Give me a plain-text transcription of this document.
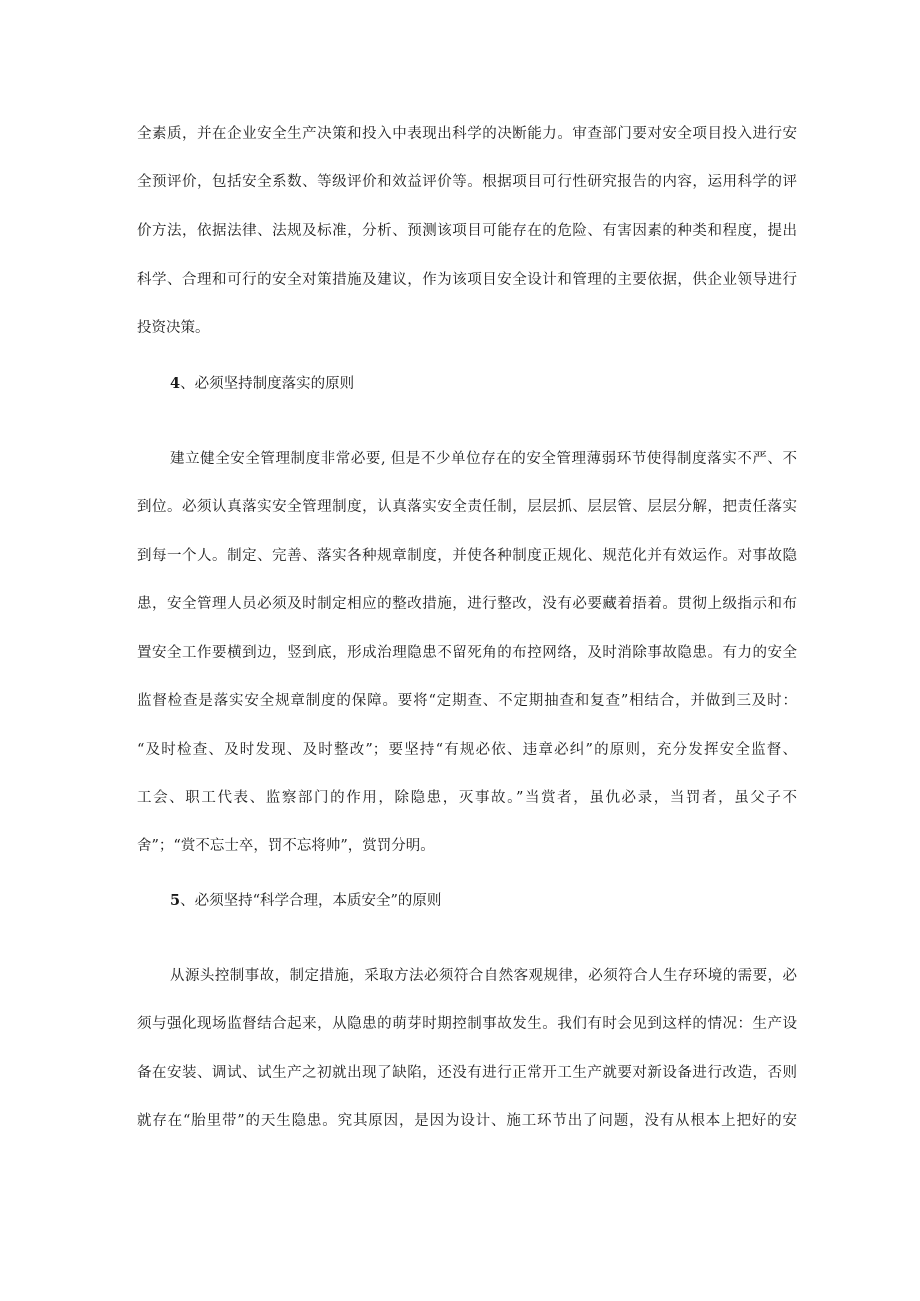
全素质，并在企业安全生产决策和投入中表现出科学的决断能力。审查部门要对安全项目投入进行安
全预评价，包括安全系数、等级评价和效益评价等。根据项目可行性研究报告的内容，运用科学的评
价方法，依据法律、法规及标准，分析、预测该项目可能存在的危险、有害因素的种类和程度，提出
科学、合理和可行的安全对策措施及建议，作为该项目安全设计和管理的主要依据，供企业领导进行
投资决策。
4、必须坚持制度落实的原则
建立健全安全管理制度非常必要, 但是不少单位存在的安全管理薄弱环节使得制度落实不严、不
到位。必须认真落实安全管理制度，认真落实安全责任制，层层抓、层层管、层层分解，把责任落实
到每一个人。制定、完善、落实各种规章制度，并使各种制度正规化、规范化并有效运作。对事故隐
患，安全管理人员必须及时制定相应的整改措施，进行整改，没有必要藏着捂着。贯彻上级指示和布
置安全工作要横到边，竖到底，形成治理隐患不留死角的布控网络，及时消除事故隐患。有力的安全
监督检查是落实安全规章制度的保障。要将“定期查、不定期抽查和复查”相结合，并做到三及时：
“及时检查、及时发现、及时整改”；要坚持“有规必依、违章必纠”的原则，充分发挥安全监督、
工会、职工代表、监察部门的作用，除隐患，灭事故。”当赏者，虽仇必录，当罚者，虽父子不
舍”；“赏不忘士卒，罚不忘将帅”，赏罚分明。
5、必须坚持“科学合理，本质安全”的原则
从源头控制事故，制定措施，采取方法必须符合自然客观规律，必须符合人生存环境的需要，必
须与强化现场监督结合起来，从隐患的萌芽时期控制事故发生。我们有时会见到这样的情况：生产设
备在安装、调试、试生产之初就出现了缺陷，还没有进行正常开工生产就要对新设备进行改造，否则
就存在“胎里带”的天生隐患。究其原因，是因为设计、施工环节出了问题，没有从根本上把好的安
